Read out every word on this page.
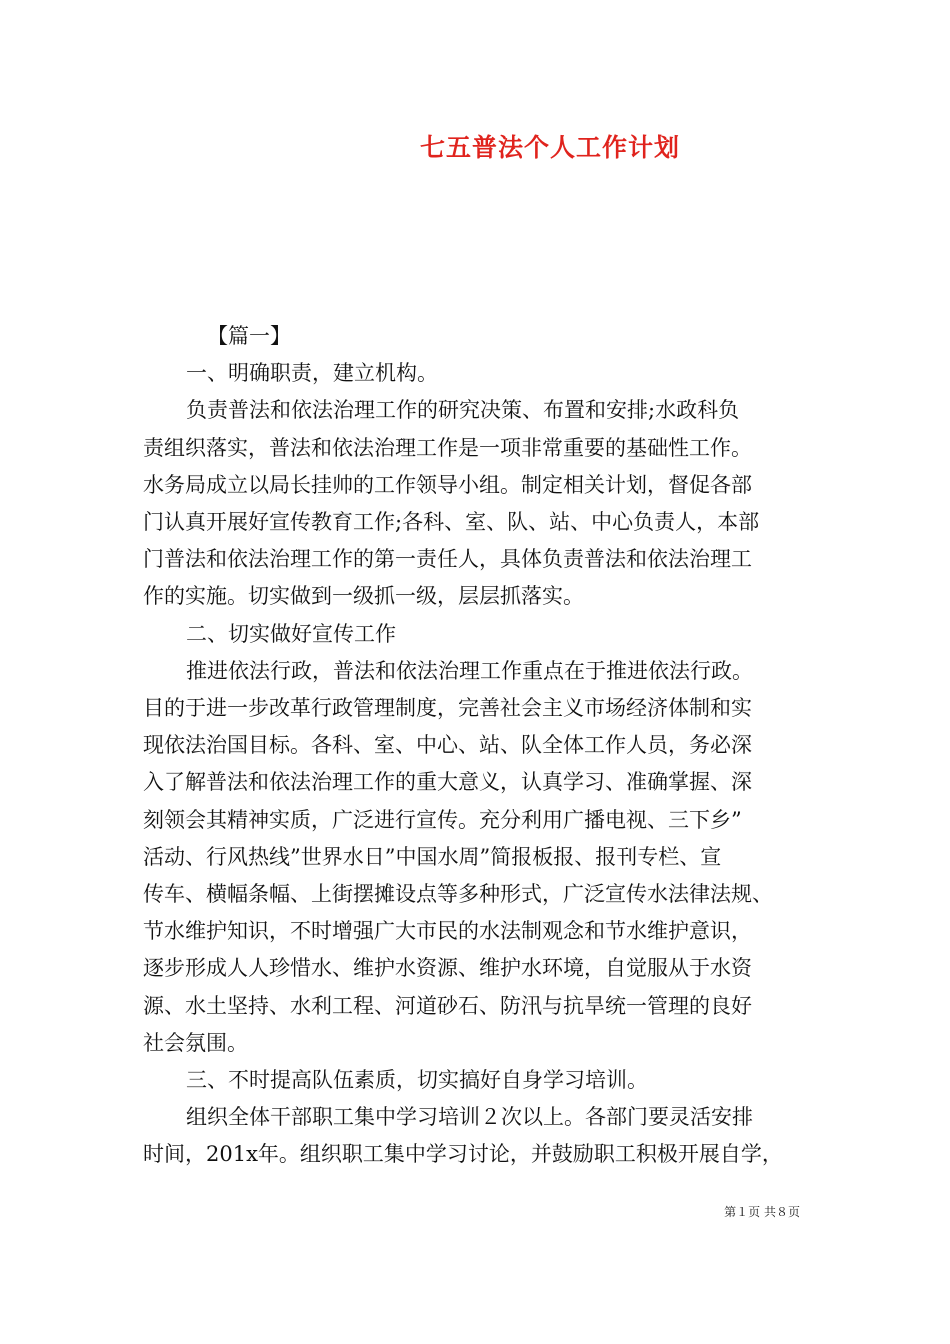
七五普法个人工作计划

【篇一】

一、明确职责，建立机构。

负责普法和依法治理工作的研究决策、布置和安排;水政科负

责组织落实，普法和依法治理工作是一项非常重要的基础性工作。

水务局成立以局长挂帅的工作领导小组。制定相关计划，督促各部

门认真开展好宣传教育工作;各科、室、队、站、中心负责人，本部

门普法和依法治理工作的第一责任人，具体负责普法和依法治理工

作的实施。切实做到一级抓一级，层层抓落实。

二、切实做好宣传工作

推进依法行政，普法和依法治理工作重点在于推进依法行政。

目的于进一步改革行政管理制度，完善社会主义市场经济体制和实

现依法治国目标。各科、室、中心、站、队全体工作人员，务必深

入了解普法和依法治理工作的重大意义，认真学习、准确掌握、深

刻领会其精神实质，广泛进行宣传。充分利用广播电视、三下乡”

活动、行风热线”世界水日”中国水周”简报板报、报刊专栏、宣

传车、横幅条幅、上街摆摊设点等多种形式，广泛宣传水法律法规、

节水维护知识，不时增强广大市民的水法制观念和节水维护意识，

逐步形成人人珍惜水、维护水资源、维护水环境，自觉服从于水资

源、水土坚持、水利工程、河道砂石、防汛与抗旱统一管理的良好

社会氛围。

三、不时提高队伍素质，切实搞好自身学习培训。

组织全体干部职工集中学习培训２次以上。各部门要灵活安排

时间，201x年。组织职工集中学习讨论，并鼓励职工积极开展自学，

第１页 共８页
